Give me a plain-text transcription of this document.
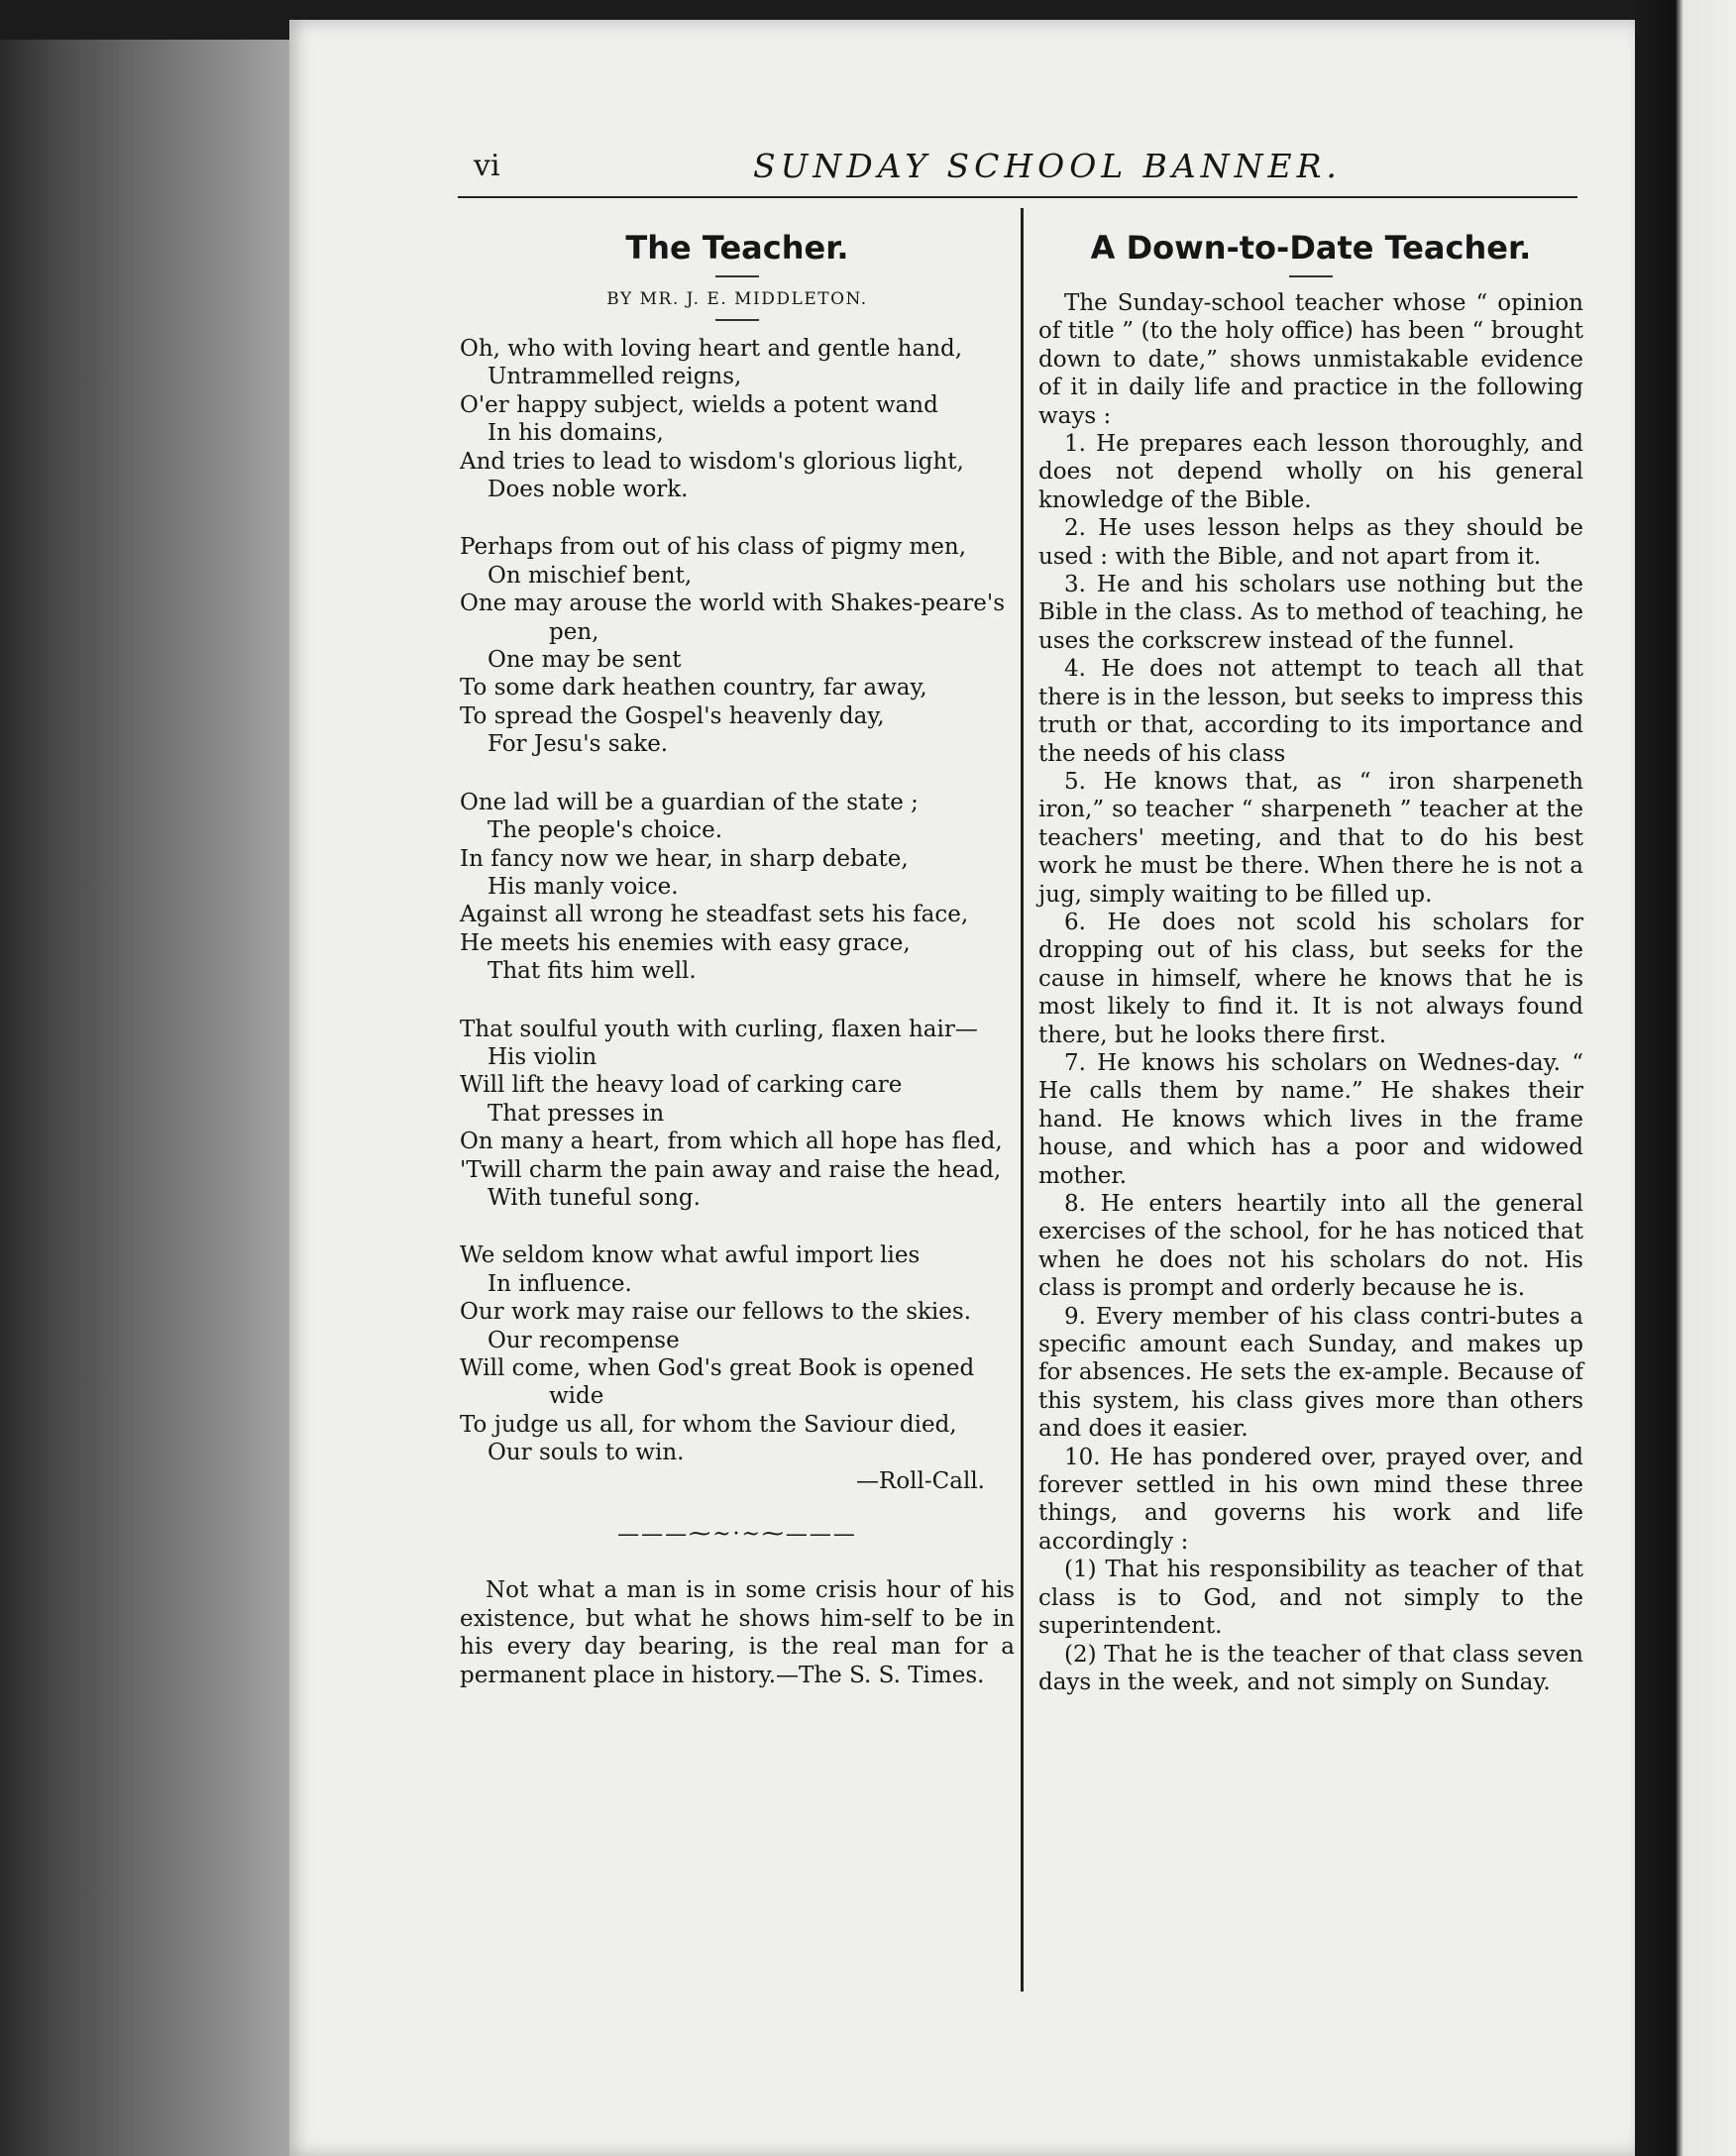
vi	SUNDAY SCHOOL BANNER.
The Teacher.
BY MR. J. E. MIDDLETON.
Oh, who with loving heart and gentle hand,
Untrammelled reigns,
O'er happy subject, wields a potent wand
In his domains,
And tries to lead to wisdom's glorious light,
Does noble work.
Perhaps from out of his class of pigmy men,
On mischief bent,
One may arouse the world with Shakes-peare's pen,
One may be sent
To some dark heathen country, far away,
To spread the Gospel's heavenly day,
For Jesu's sake.
One lad will be a guardian of the state ;
The people's choice.
In fancy now we hear, in sharp debate,
His manly voice.
Against all wrong he steadfast sets his face,
He meets his enemies with easy grace,
That fits him well.
That soulful youth with curling, flaxen hair—
His violin
Will lift the heavy load of carking care
That presses in
On many a heart, from which all hope has fled,
'Twill charm the pain away and raise the head,
With tuneful song.
We seldom know what awful import lies
In influence.
Our work may raise our fellows to the skies.
Our recompense
Will come, when God's great Book is opened wide
To judge us all, for whom the Saviour died,
Our souls to win.
—Roll-Call.
———⁓~·~⁓———

Not what a man is in some crisis hour of his existence, but what he shows him-self to be in his every day bearing, is the real man for a permanent place in history.—The S. S. Times.

A Down-to-Date Teacher.

The Sunday-school teacher whose “ opinion of title ” (to the holy office) has been “ brought down to date,” shows unmistakable evidence of it in daily life and practice in the following ways :

1. He prepares each lesson thoroughly, and does not depend wholly on his general knowledge of the Bible.

2. He uses lesson helps as they should be used : with the Bible, and not apart from it.

3. He and his scholars use nothing but the Bible in the class. As to method of teaching, he uses the corkscrew instead of the funnel.

4. He does not attempt to teach all that there is in the lesson, but seeks to impress this truth or that, according to its importance and the needs of his class

5. He knows that, as “ iron sharpeneth iron,” so teacher “ sharpeneth ” teacher at the teachers' meeting, and that to do his best work he must be there. When there he is not a jug, simply waiting to be filled up.

6. He does not scold his scholars for dropping out of his class, but seeks for the cause in himself, where he knows that he is most likely to find it. It is not always found there, but he looks there first.

7. He knows his scholars on Wednes-day. “ He calls them by name.” He shakes their hand. He knows which lives in the frame house, and which has a poor and widowed mother.

8. He enters heartily into all the general exercises of the school, for he has noticed that when he does not his scholars do not. His class is prompt and orderly because he is.

9. Every member of his class contri-butes a specific amount each Sunday, and makes up for absences. He sets the ex-ample. Because of this system, his class gives more than others and does it easier.

10. He has pondered over, prayed over, and forever settled in his own mind these three things, and governs his work and life accordingly :

(1) That his responsibility as teacher of that class is to God, and not simply to the superintendent.

(2) That he is the teacher of that class seven days in the week, and not simply on Sunday.
